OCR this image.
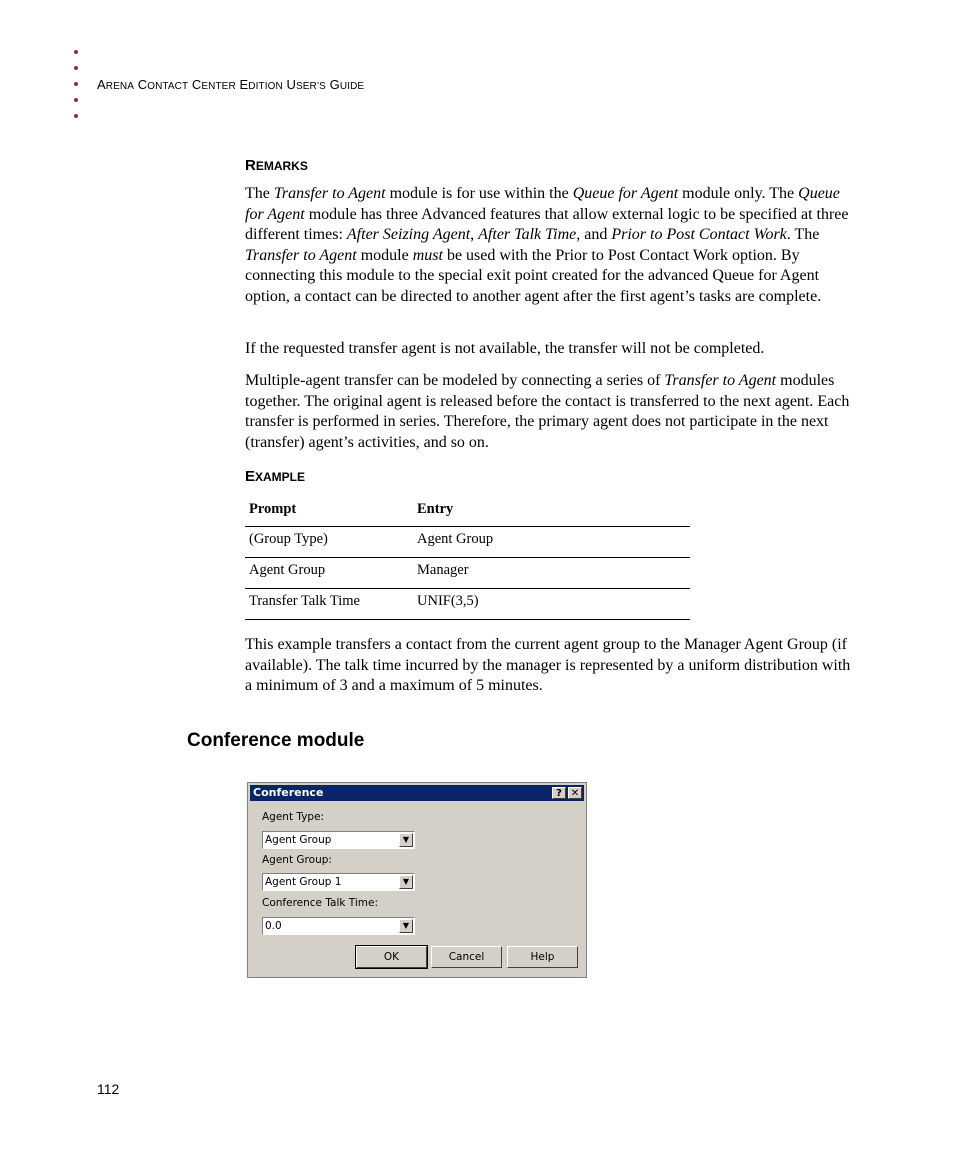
ARENA CONTACT CENTER EDITION USER’S GUIDE
REMARKS
The Transfer to Agent module is for use within the Queue for Agent module only. The Queue for Agent module has three Advanced features that allow external logic to be specified at three different times: After Seizing Agent, After Talk Time, and Prior to Post Contact Work. The Transfer to Agent module must be used with the Prior to Post Contact Work option. By connecting this module to the special exit point created for the advanced Queue for Agent option, a contact can be directed to another agent after the first agent’s tasks are complete.
If the requested transfer agent is not available, the transfer will not be completed.
Multiple-agent transfer can be modeled by connecting a series of Transfer to Agent modules together. The original agent is released before the contact is transferred to the next agent. Each transfer is performed in series. Therefore, the primary agent does not participate in the next (transfer) agent’s activities, and so on.
EXAMPLE
Prompt	Entry
(Group Type)	Agent Group
Agent Group	Manager
Transfer Talk Time	UNIF(3,5)
This example transfers a contact from the current agent group to the Manager Agent Group (if available). The talk time incurred by the manager is represented by a uniform distribution with a minimum of 3 and a maximum of 5 minutes.
Conference module
Conference	? ✕
Agent Type:
Agent Group	▼
Agent Group:
Agent Group 1	▼
Conference Talk Time:
0.0	▼
OK	Cancel	Help
112
